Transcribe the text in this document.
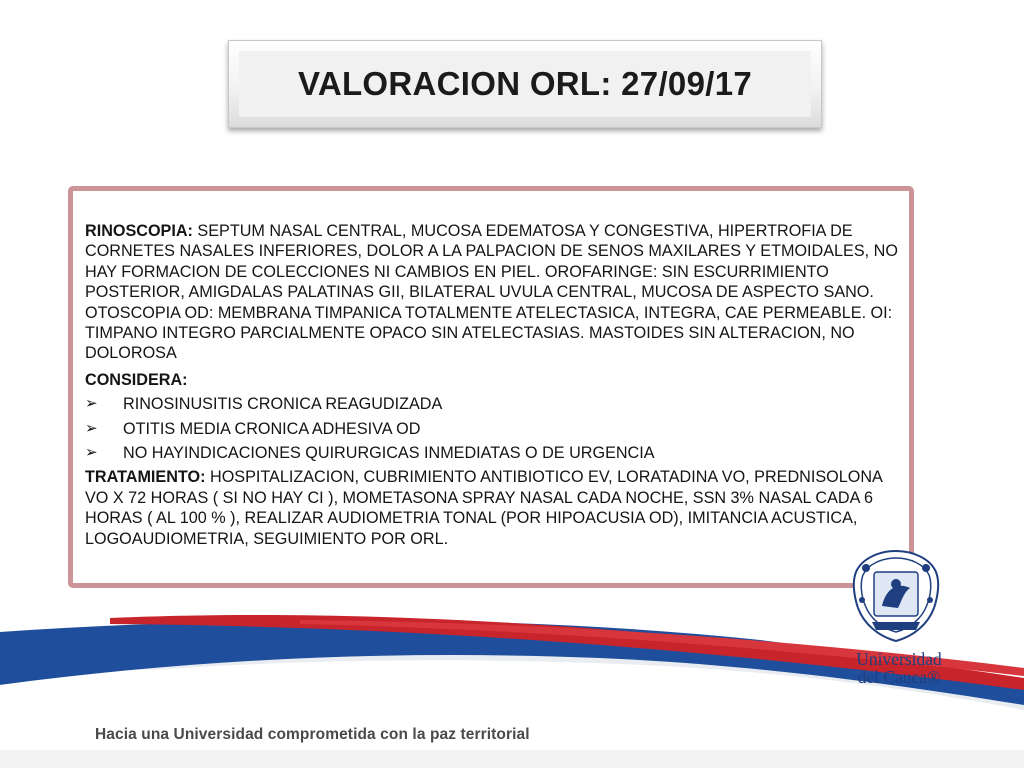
VALORACION ORL: 27/09/17

RINOSCOPIA: SEPTUM NASAL CENTRAL, MUCOSA EDEMATOSA Y CONGESTIVA, HIPERTROFIA DE CORNETES NASALES INFERIORES, DOLOR A LA PALPACION DE SENOS MAXILARES Y ETMOIDALES, NO HAY FORMACION DE COLECCIONES NI CAMBIOS EN PIEL. OROFARINGE: SIN ESCURRIMIENTO POSTERIOR, AMIGDALAS PALATINAS GII, BILATERAL UVULA CENTRAL, MUCOSA DE ASPECTO SANO. OTOSCOPIA OD: MEMBRANA TIMPANICA TOTALMENTE ATELECTASICA, INTEGRA, CAE PERMEABLE. OI: TIMPANO INTEGRO PARCIALMENTE OPACO SIN ATELECTASIAS. MASTOIDES SIN ALTERACION, NO DOLOROSA

CONSIDERA:

➢	RINOSINUSITIS CRONICA REAGUDIZADA
➢	OTITIS MEDIA CRONICA ADHESIVA OD
➢	NO HAYINDICACIONES QUIRURGICAS INMEDIATAS O DE URGENCIA

TRATAMIENTO: HOSPITALIZACION, CUBRIMIENTO ANTIBIOTICO EV, LORATADINA VO, PREDNISOLONA VO X 72 HORAS ( SI NO HAY CI ), MOMETASONA SPRAY NASAL CADA NOCHE, SSN 3% NASAL CADA 6 HORAS ( AL 100 % ), REALIZAR AUDIOMETRIA TONAL (POR HIPOACUSIA OD), IMITANCIA ACUSTICA, LOGOAUDIOMETRIA, SEGUIMIENTO POR ORL.

Universidad
del Cauca®
Hacia una Universidad comprometida con la paz territorial
